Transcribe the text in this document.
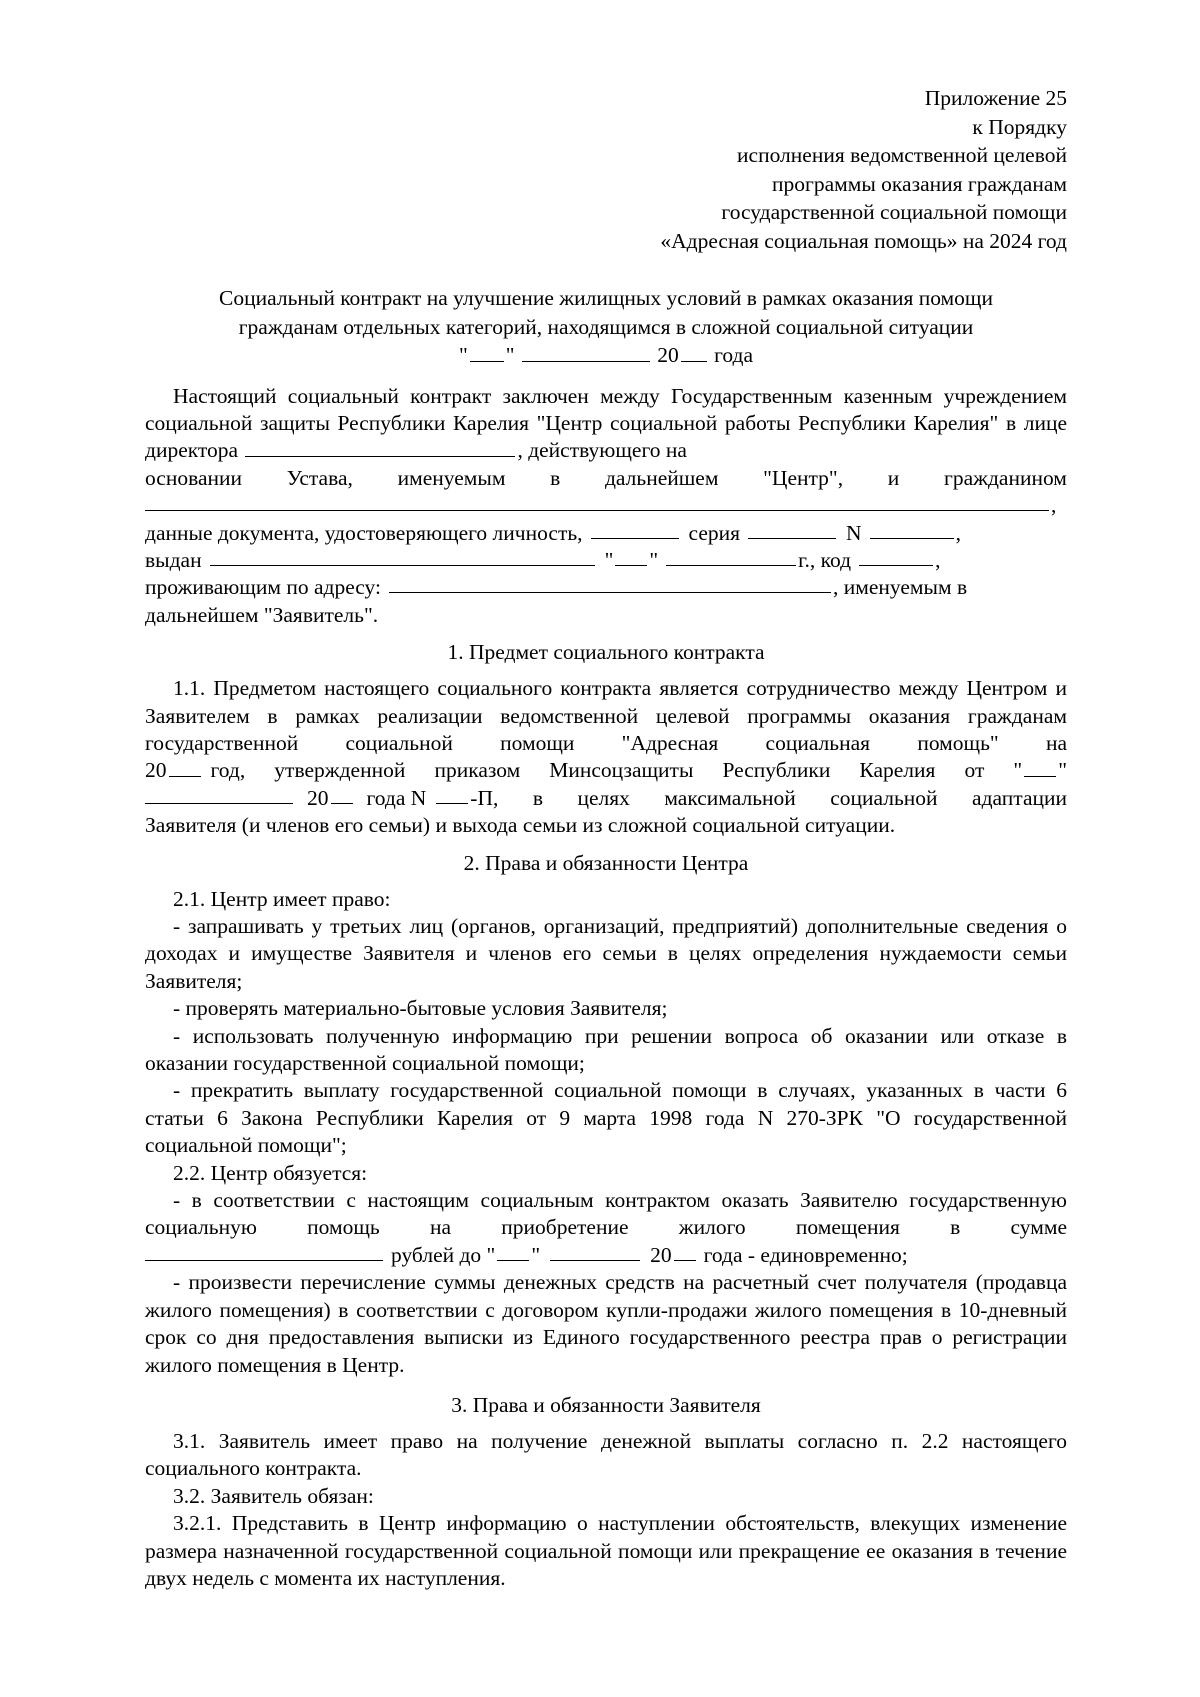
Приложение 25
к Порядку
исполнения ведомственной целевой
программы оказания гражданам
государственной социальной помощи
«Адресная социальная помощь» на 2024 год
Социальный контракт на улучшение жилищных условий в рамках оказания помощи
гражданам отдельных категорий, находящимся в сложной социальной ситуации
" "	20 года

Настоящий социальный контракт заключен между Государственным казенным учреждением социальной защиты Республики Карелия "Центр социальной работы Республики Карелия" в лице директора	, действующего на

основании Устава, именуемым в дальнейшем "Центр", и гражданином
,
данные документа, удостоверяющего личность,	серия	N	,
выдан	" "	г., код	,
проживающим по адресу:	, именуемым в
дальнейшем "Заявитель".
1. Предмет социального контракта

1.1. Предметом настоящего социального контракта является сотрудничество между Центром и Заявителем в рамках реализации ведомственной целевой программы оказания гражданам государственной социальной помощи "Адресная социальная помощь" на

20	год, утвержденной приказом Минсоцзащиты Республики Карелия от "	"
20 года N -П, в целях максимальной социальной адаптации
Заявителя (и членов его семьи) и выхода семьи из сложной социальной ситуации.
2. Права и обязанности Центра

2.1. Центр имеет право:

- запрашивать у третьих лиц (органов, организаций, предприятий) дополнительные сведения о доходах и имуществе Заявителя и членов его семьи в целях определения нуждаемости семьи Заявителя;

- проверять материально-бытовые условия Заявителя;

- использовать полученную информацию при решении вопроса об оказании или отказе в оказании государственной социальной помощи;

- прекратить выплату государственной социальной помощи в случаях, указанных в части 6 статьи 6 Закона Республики Карелия от 9 марта 1998 года N 270-ЗРК "О государственной социальной помощи";

2.2. Центр обязуется:

- в соответствии с настоящим социальным контрактом оказать Заявителю государственную социальную помощь на приобретение жилого помещения в сумме

рублей до " "	20 года - единовременно;

- произвести перечисление суммы денежных средств на расчетный счет получателя (продавца жилого помещения) в соответствии с договором купли-продажи жилого помещения в 10-дневный срок со дня предоставления выписки из Единого государственного реестра прав о регистрации жилого помещения в Центр.

3. Права и обязанности Заявителя

3.1. Заявитель имеет право на получение денежной выплаты согласно п. 2.2 настоящего социального контракта.

3.2. Заявитель обязан:

3.2.1. Представить в Центр информацию о наступлении обстоятельств, влекущих изменение размера назначенной государственной социальной помощи или прекращение ее оказания в течение двух недель с момента их наступления.
